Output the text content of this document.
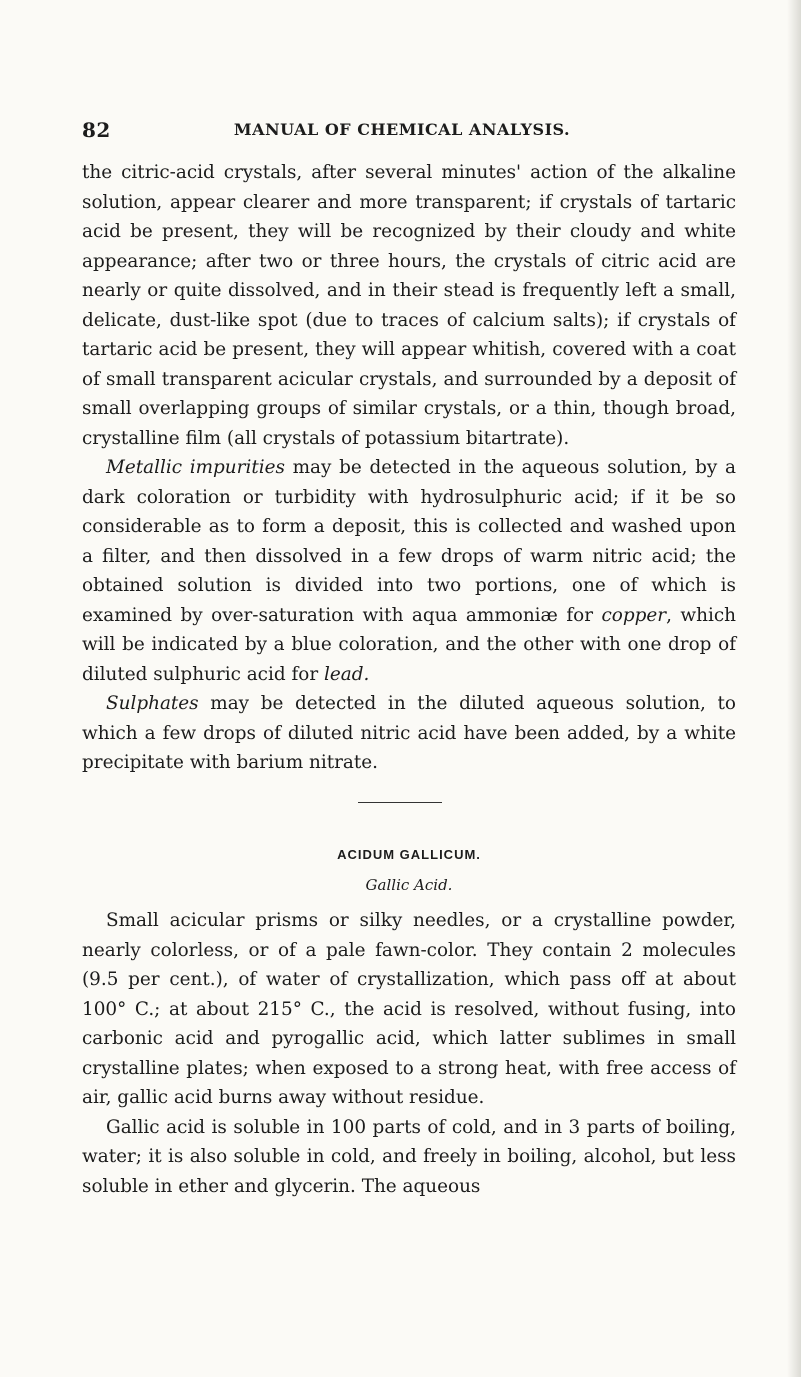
82	MANUAL OF CHEMICAL ANALYSIS.

the citric-acid crystals, after several minutes' action of the alkaline solution, appear clearer and more transparent; if crystals of tartaric acid be present, they will be recognized by their cloudy and white appearance; after two or three hours, the crystals of citric acid are nearly or quite dissolved, and in their stead is frequently left a small, delicate, dust-like spot (due to traces of calcium salts); if crystals of tartaric acid be present, they will appear whitish, covered with a coat of small transparent acicular crystals, and surrounded by a deposit of small overlapping groups of similar crystals, or a thin, though broad, crystalline film (all crystals of potassium bitartrate).

Metallic impurities may be detected in the aqueous solution, by a dark coloration or turbidity with hydrosulphuric acid; if it be so considerable as to form a deposit, this is collected and washed upon a filter, and then dissolved in a few drops of warm nitric acid; the obtained solution is divided into two portions, one of which is examined by over-saturation with aqua ammoniæ for copper, which will be indicated by a blue coloration, and the other with one drop of diluted sulphuric acid for lead.

Sulphates may be detected in the diluted aqueous solution, to which a few drops of diluted nitric acid have been added, by a white precipitate with barium nitrate.

ACIDUM GALLICUM.
Gallic Acid.

Small acicular prisms or silky needles, or a crystalline powder, nearly colorless, or of a pale fawn-color. They contain 2 molecules (9.5 per cent.), of water of crystallization, which pass off at about 100° C.; at about 215° C., the acid is resolved, without fusing, into carbonic acid and pyrogallic acid, which latter sublimes in small crystalline plates; when exposed to a strong heat, with free access of air, gallic acid burns away without residue.

Gallic acid is soluble in 100 parts of cold, and in 3 parts of boiling, water; it is also soluble in cold, and freely in boiling, alcohol, but less soluble in ether and glycerin. The aqueous
